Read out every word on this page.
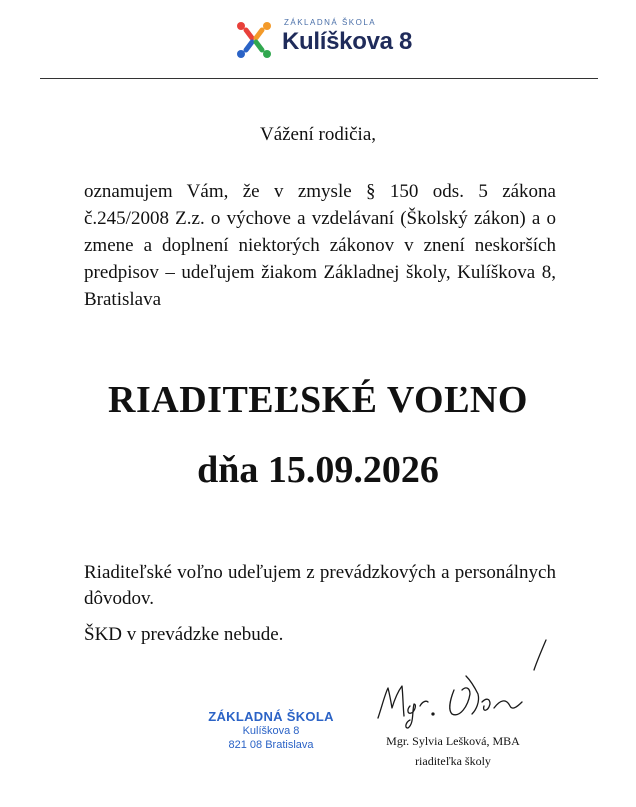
ZÁKLADNÁ ŠKOLA
Kulíškova 8
Vážení rodičia,
oznamujem Vám, že v zmysle § 150 ods. 5 zákona č.245/2008 Z.z. o výchove a vzdelávaní (Školský zákon) a o zmene a doplnení niektorých zákonov v znení neskorších predpisov – udeľujem žiakom Základnej školy, Kulíškova 8, Bratislava
RIADITEĽSKÉ VOĽNO
dňa 15.09.2026
Riaditeľské voľno udeľujem z prevádzkových a personálnych dôvodov.
ŠKD v prevádzke nebude.
ZÁKLADNÁ ŠKOLA
Kulíškova 8
821 08 Bratislava	Mgr. Sylvia Lešková, MBA
riaditeľka školy
